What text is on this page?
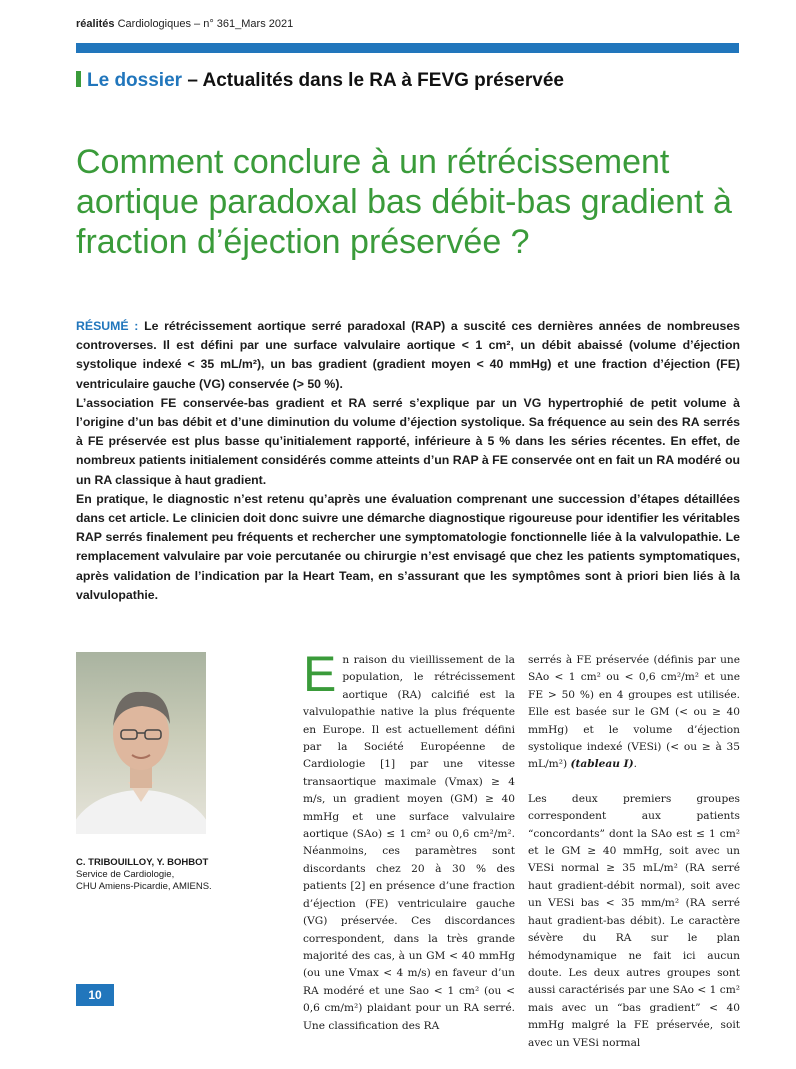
réalités Cardiologiques – n° 361_Mars 2021
Le dossier – Actualités dans le RA à FEVG préservée
Comment conclure à un rétrécissement aortique paradoxal bas débit-bas gradient à fraction d’éjection préservée ?

RÉSUMÉ : Le rétrécissement aortique serré paradoxal (RAP) a suscité ces dernières années de nombreuses controverses. Il est défini par une surface valvulaire aortique < 1 cm², un débit abaissé (volume d’éjection systolique indexé < 35 mL/m²), un bas gradient (gradient moyen < 40 mmHg) et une fraction d’éjection (FE) ventriculaire gauche (VG) conservée (> 50 %).

L’association FE conservée-bas gradient et RA serré s’explique par un VG hypertrophié de petit volume à l’origine d’un bas débit et d’une diminution du volume d’éjection systolique. Sa fréquence au sein des RA serrés à FE préservée est plus basse qu’initialement rapporté, inférieure à 5 % dans les séries récentes. En effet, de nombreux patients initialement considérés comme atteints d’un RAP à FE conservée ont en fait un RA modéré ou un RA classique à haut gradient.

En pratique, le diagnostic n’est retenu qu’après une évaluation comprenant une succession d’étapes détaillées dans cet article. Le clinicien doit donc suivre une démarche diagnostique rigoureuse pour identifier les véritables RAP serrés finalement peu fréquents et rechercher une symptomatologie fonctionnelle liée à la valvulopathie. Le remplacement valvulaire par voie percutanée ou chirurgie n’est envisagé que chez les patients symptomatiques, après validation de l’indication par la Heart Team, en s’assurant que les symptômes sont à priori bien liés à la valvulopathie.

C. TRIBOUILLOY, Y. BOHBOT
Service de Cardiologie,
CHU Amiens-Picardie, AMIENS.
En raison du vieillissement de la population, le rétrécissement aortique (RA) calcifié est la valvulopathie native la plus fréquente en Europe. Il est actuellement défini par la Société Européenne de Cardiologie [1] par une vitesse transaortique maximale (Vmax) ≥ 4 m/s, un gradient moyen (GM) ≥ 40 mmHg et une surface valvulaire aortique (SAo) ≤ 1 cm² ou 0,6 cm²/m². Néanmoins, ces paramètres sont discordants chez 20 à 30 % des patients [2] en présence d’une fraction d’éjection (FE) ventriculaire gauche (VG) préservée. Ces discordances correspondent, dans la très grande majorité des cas, à un GM < 40 mmHg (ou une Vmax < 4 m/s) en faveur d’un RA modéré et une Sao < 1 cm² (ou < 0,6 cm/m²) plaidant pour un RA serré. Une classification des RA

serrés à FE préservée (définis par une SAo < 1 cm² ou < 0,6 cm²/m² et une FE > 50 %) en 4 groupes est utilisée. Elle est basée sur le GM (< ou ≥ 40 mmHg) et le volume d’éjection systolique indexé (VESi) (< ou ≥ à 35 mL/m²) (tableau I).

Les deux premiers groupes correspondent aux patients “concordants” dont la SAo est ≤ 1 cm² et le GM ≥ 40 mmHg, soit avec un VESi normal ≥ 35 mL/m² (RA serré haut gradient-débit normal), soit avec un VESi bas < 35 mm/m² (RA serré haut gradient-bas débit). Le caractère sévère du RA sur le plan hémodynamique ne fait ici aucun doute. Les deux autres groupes sont aussi caractérisés par une SAo < 1 cm² mais avec un “bas gradient” < 40 mmHg malgré la FE préservée, soit avec un VESi normal

10
